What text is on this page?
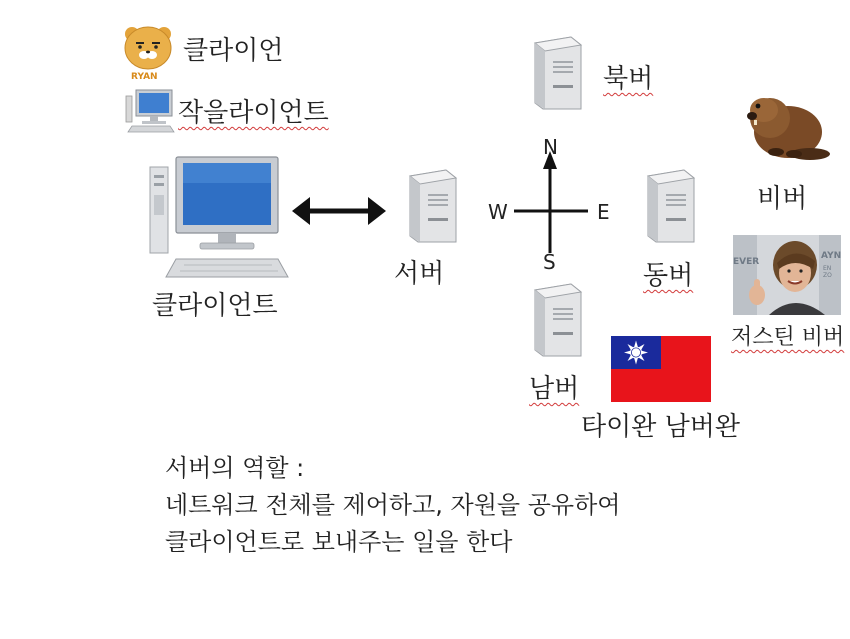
RYAN
클라이언
작을라이언트
클라이언트
서버
북버
N
S
E
W
동버
남버
비버
EVER
AYN
EN ZO
저스틴 비버
타이완 남버완
서버의 역할 :
네트워크 전체를 제어하고, 자원을 공유하여
클라이언트로 보내주는 일을 한다
